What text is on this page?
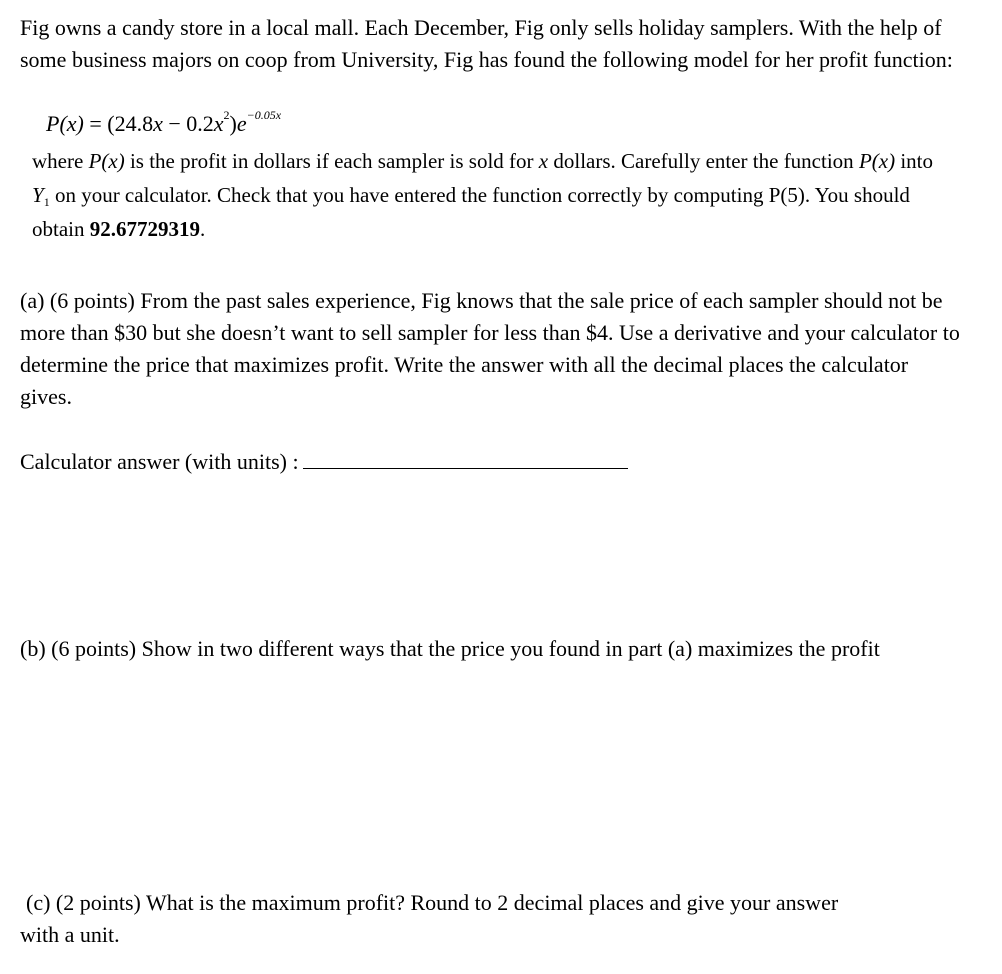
Fig owns a candy store in a local mall. Each December, Fig only sells holiday samplers. With the help of some business majors on coop from University, Fig has found the following model for her profit function:

$P(x) = (24.8x - 0.2x^2)e^{-0.05x}$

where P(x) is the profit in dollars if each sampler is sold for x dollars. Carefully enter the function P(x) into $Y_1$ on your calculator. Check that you have entered the function correctly by computing P(5). You should obtain 92.67729319.

(a) (6 points) From the past sales experience, Fig knows that the sale price of each sampler should not be more than $30 but she doesn’t want to sell sampler for less than $4. Use a derivative and your calculator to determine the price that maximizes profit. Write the answer with all the decimal places the calculator gives.

Calculator answer (with units) :

(b) (6 points) Show in two different ways that the price you found in part (a) maximizes the profit

(c) (2 points) What is the maximum profit? Round to 2 decimal places and give your answer
with a unit.
